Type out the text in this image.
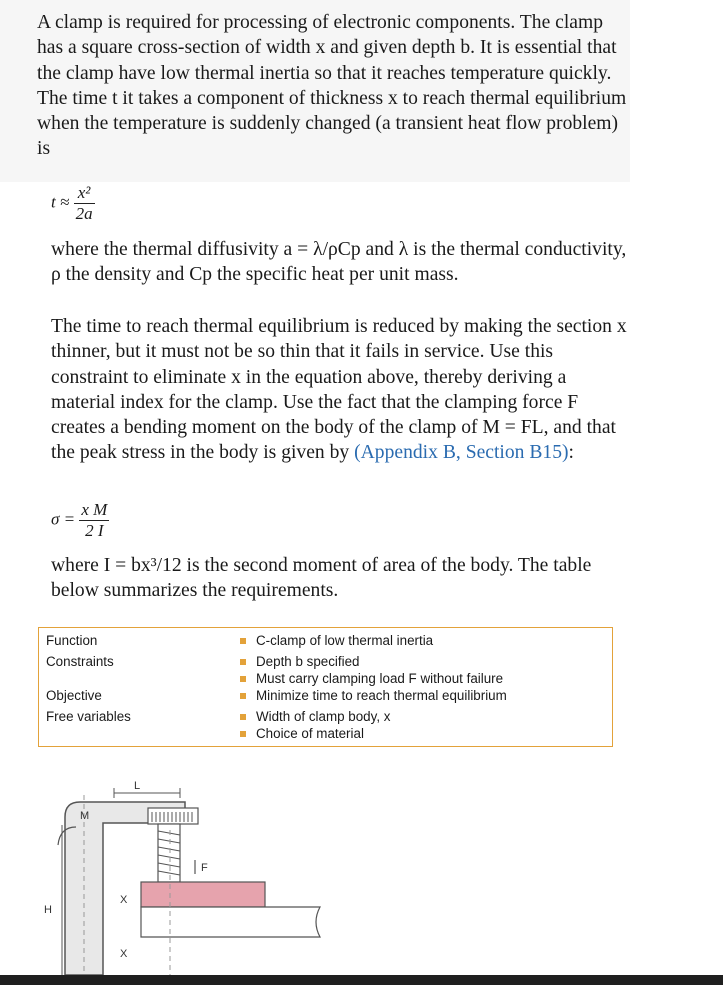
A clamp is required for processing of electronic components. The clamp has a square cross-section of width x and given depth b. It is essential that the clamp have low thermal inertia so that it reaches temperature quickly. The time t it takes a component of thickness x to reach thermal equilibrium when the temperature is suddenly changed (a transient heat flow problem) is

$t \approx \frac{\text{x²}}{2a}$

where the thermal diffusivity a = λ/ρCp and λ is the thermal conductivity, ρ the density and Cp the specific heat per unit mass.

The time to reach thermal equilibrium is reduced by making the section x thinner, but it must not be so thin that it fails in service. Use this constraint to eliminate x in the equation above, thereby deriving a material index for the clamp. Use the fact that the clamping force F creates a bending moment on the body of the clamp of M = FL, and that the peak stress in the body is given by (Appendix B, Section B15):

$\sigma = \frac{\text{x M}}{2 I}$

where I = bx³/12 is the second moment of area of the body. The table below summarizes the requirements.

Function
Constraints
Objective
Free variables
C-clamp of low thermal inertia
Depth b specified
Must carry clamping load F without failure
Minimize time to reach thermal equilibrium
Width of clamp body, x
Choice of material
L
M
F
H
X
X
